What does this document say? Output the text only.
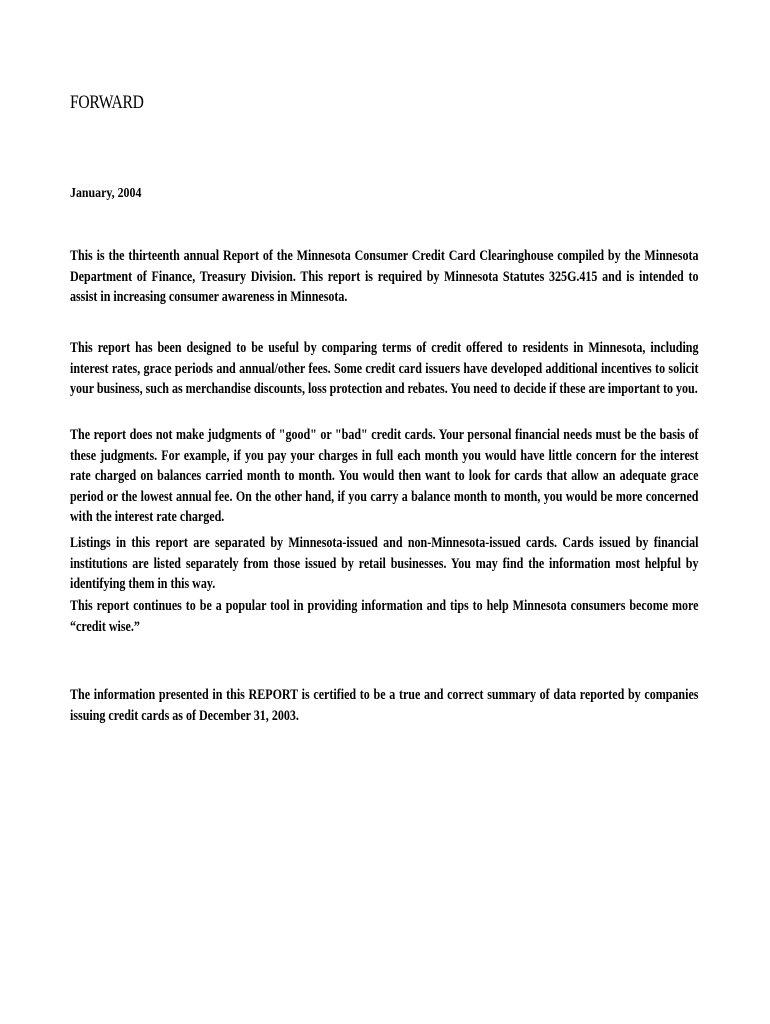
FORWARD

January, 2004

This is the thirteenth annual Report of the Minnesota Consumer Credit Card Clearinghouse compiled by the Minnesota Department of Finance, Treasury Division. This report is required by Minnesota Statutes 325G.415 and is intended to assist in increasing consumer awareness in Minnesota.

This report has been designed to be useful by comparing terms of credit offered to residents in Minnesota, including interest rates, grace periods and annual/other fees. Some credit card issuers have developed additional incentives to solicit your business, such as merchandise discounts, loss protection and rebates. You need to decide if these are important to you.

The report does not make judgments of "good" or "bad" credit cards. Your personal financial needs must be the basis of these judgments. For example, if you pay your charges in full each month you would have little concern for the interest rate charged on balances carried month to month. You would then want to look for cards that allow an adequate grace period or the lowest annual fee. On the other hand, if you carry a balance month to month, you would be more concerned with the interest rate charged.

Listings in this report are separated by Minnesota-issued and non-Minnesota-issued cards. Cards issued by financial institutions are listed separately from those issued by retail businesses. You may find the information most helpful by identifying them in this way.

This report continues to be a popular tool in providing information and tips to help Minnesota consumers become more “credit wise.”

The information presented in this REPORT is certified to be a true and correct summary of data reported by companies issuing credit cards as of December 31, 2003.
